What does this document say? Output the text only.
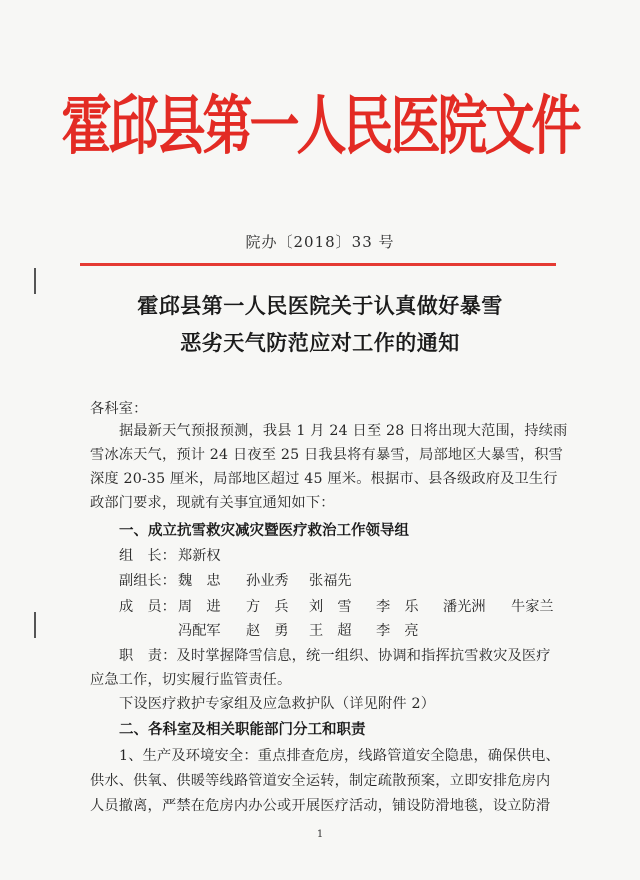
霍邱县第一人民医院文件
院办〔2018〕33 号
霍邱县第一人民医院关于认真做好暴雪
恶劣天气防范应对工作的通知
各科室：
据最新天气预报预测，我县 1 月 24 日至 28 日将出现大范围，持续雨
雪冰冻天气，预计 24 日夜至 25 日我县将有暴雪，局部地区大暴雪，积雪
深度 20-35 厘米，局部地区超过 45 厘米。根据市、县各级政府及卫生行
政部门要求，现就有关事宜通知如下：
一、成立抗雪救灾减灾暨医疗救治工作领导组
组　长： 郑新权
副组长： 魏　忠 孙业秀 张福先
成　员： 周　进 方　兵 刘　雪 李　乐 潘光洲 牛家兰
冯配军 赵　勇 王　超 李　亮
职　责：及时掌握降雪信息，统一组织、协调和指挥抗雪救灾及医疗
应急工作，切实履行监管责任。
下设医疗救护专家组及应急救护队（详见附件 2）
二、各科室及相关职能部门分工和职责
1、生产及环境安全：重点排查危房，线路管道安全隐患，确保供电、
供水、供氧、供暖等线路管道安全运转，制定疏散预案，立即安排危房内
人员撤离，严禁在危房内办公或开展医疗活动，铺设防滑地毯，设立防滑
1
